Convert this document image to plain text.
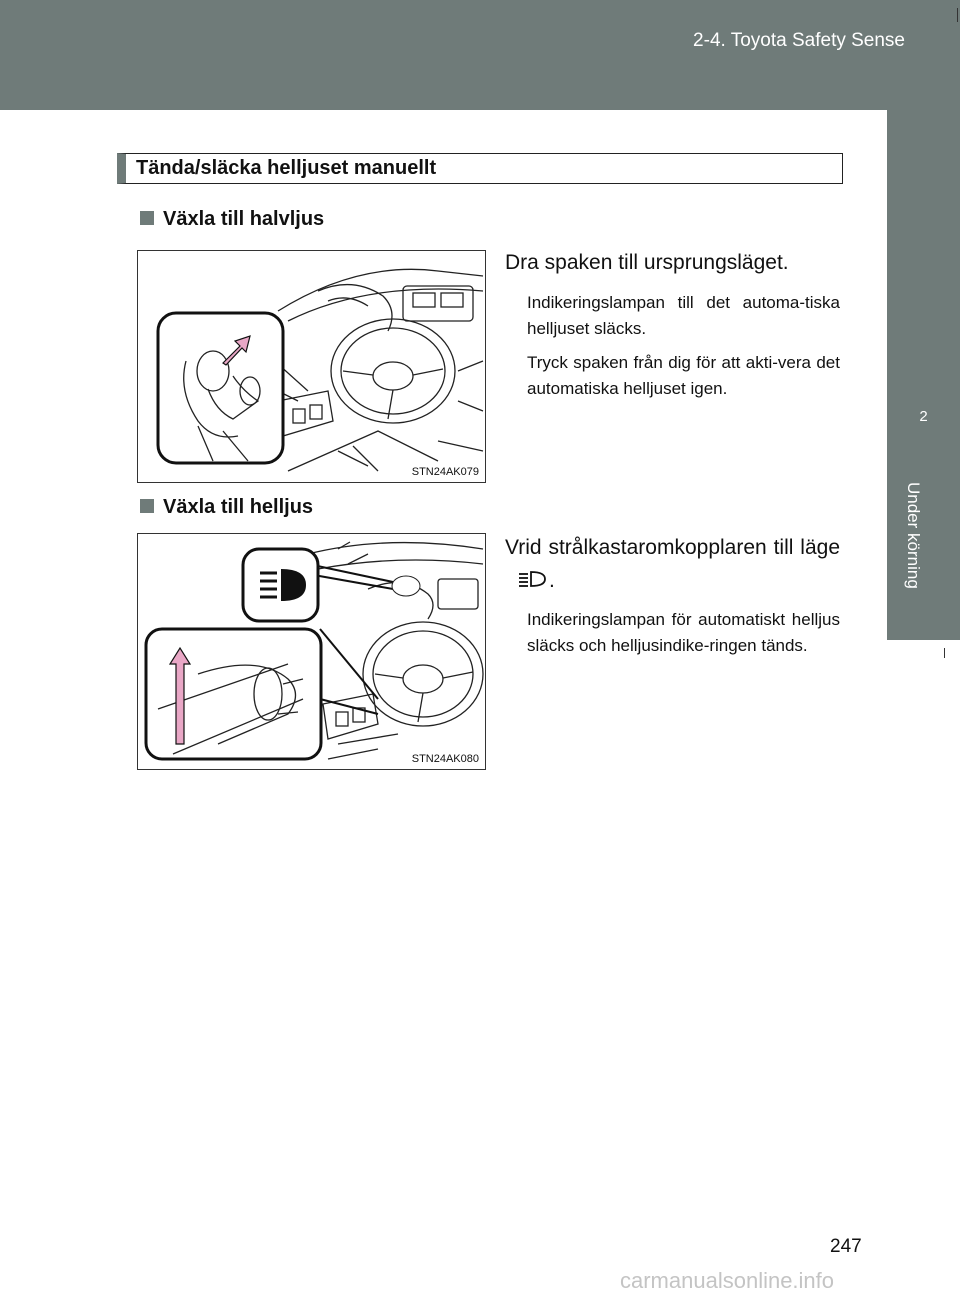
2-4. Toyota Safety Sense
2
Under körning
Tända/släcka helljuset manuellt
Växla till halvljus
STN24AK079
Dra spaken till ursprungsläget.
Indikeringslampan till det automa-tiska helljuset släcks.
Tryck spaken från dig för att akti-vera det automatiska helljuset igen.
Växla till helljus
STN24AK080
Vrid strålkastaromkopplaren till läge .
Indikeringslampan för automatiskt helljus släcks och helljusindike-ringen tänds.
247
carmanualsonline.info
